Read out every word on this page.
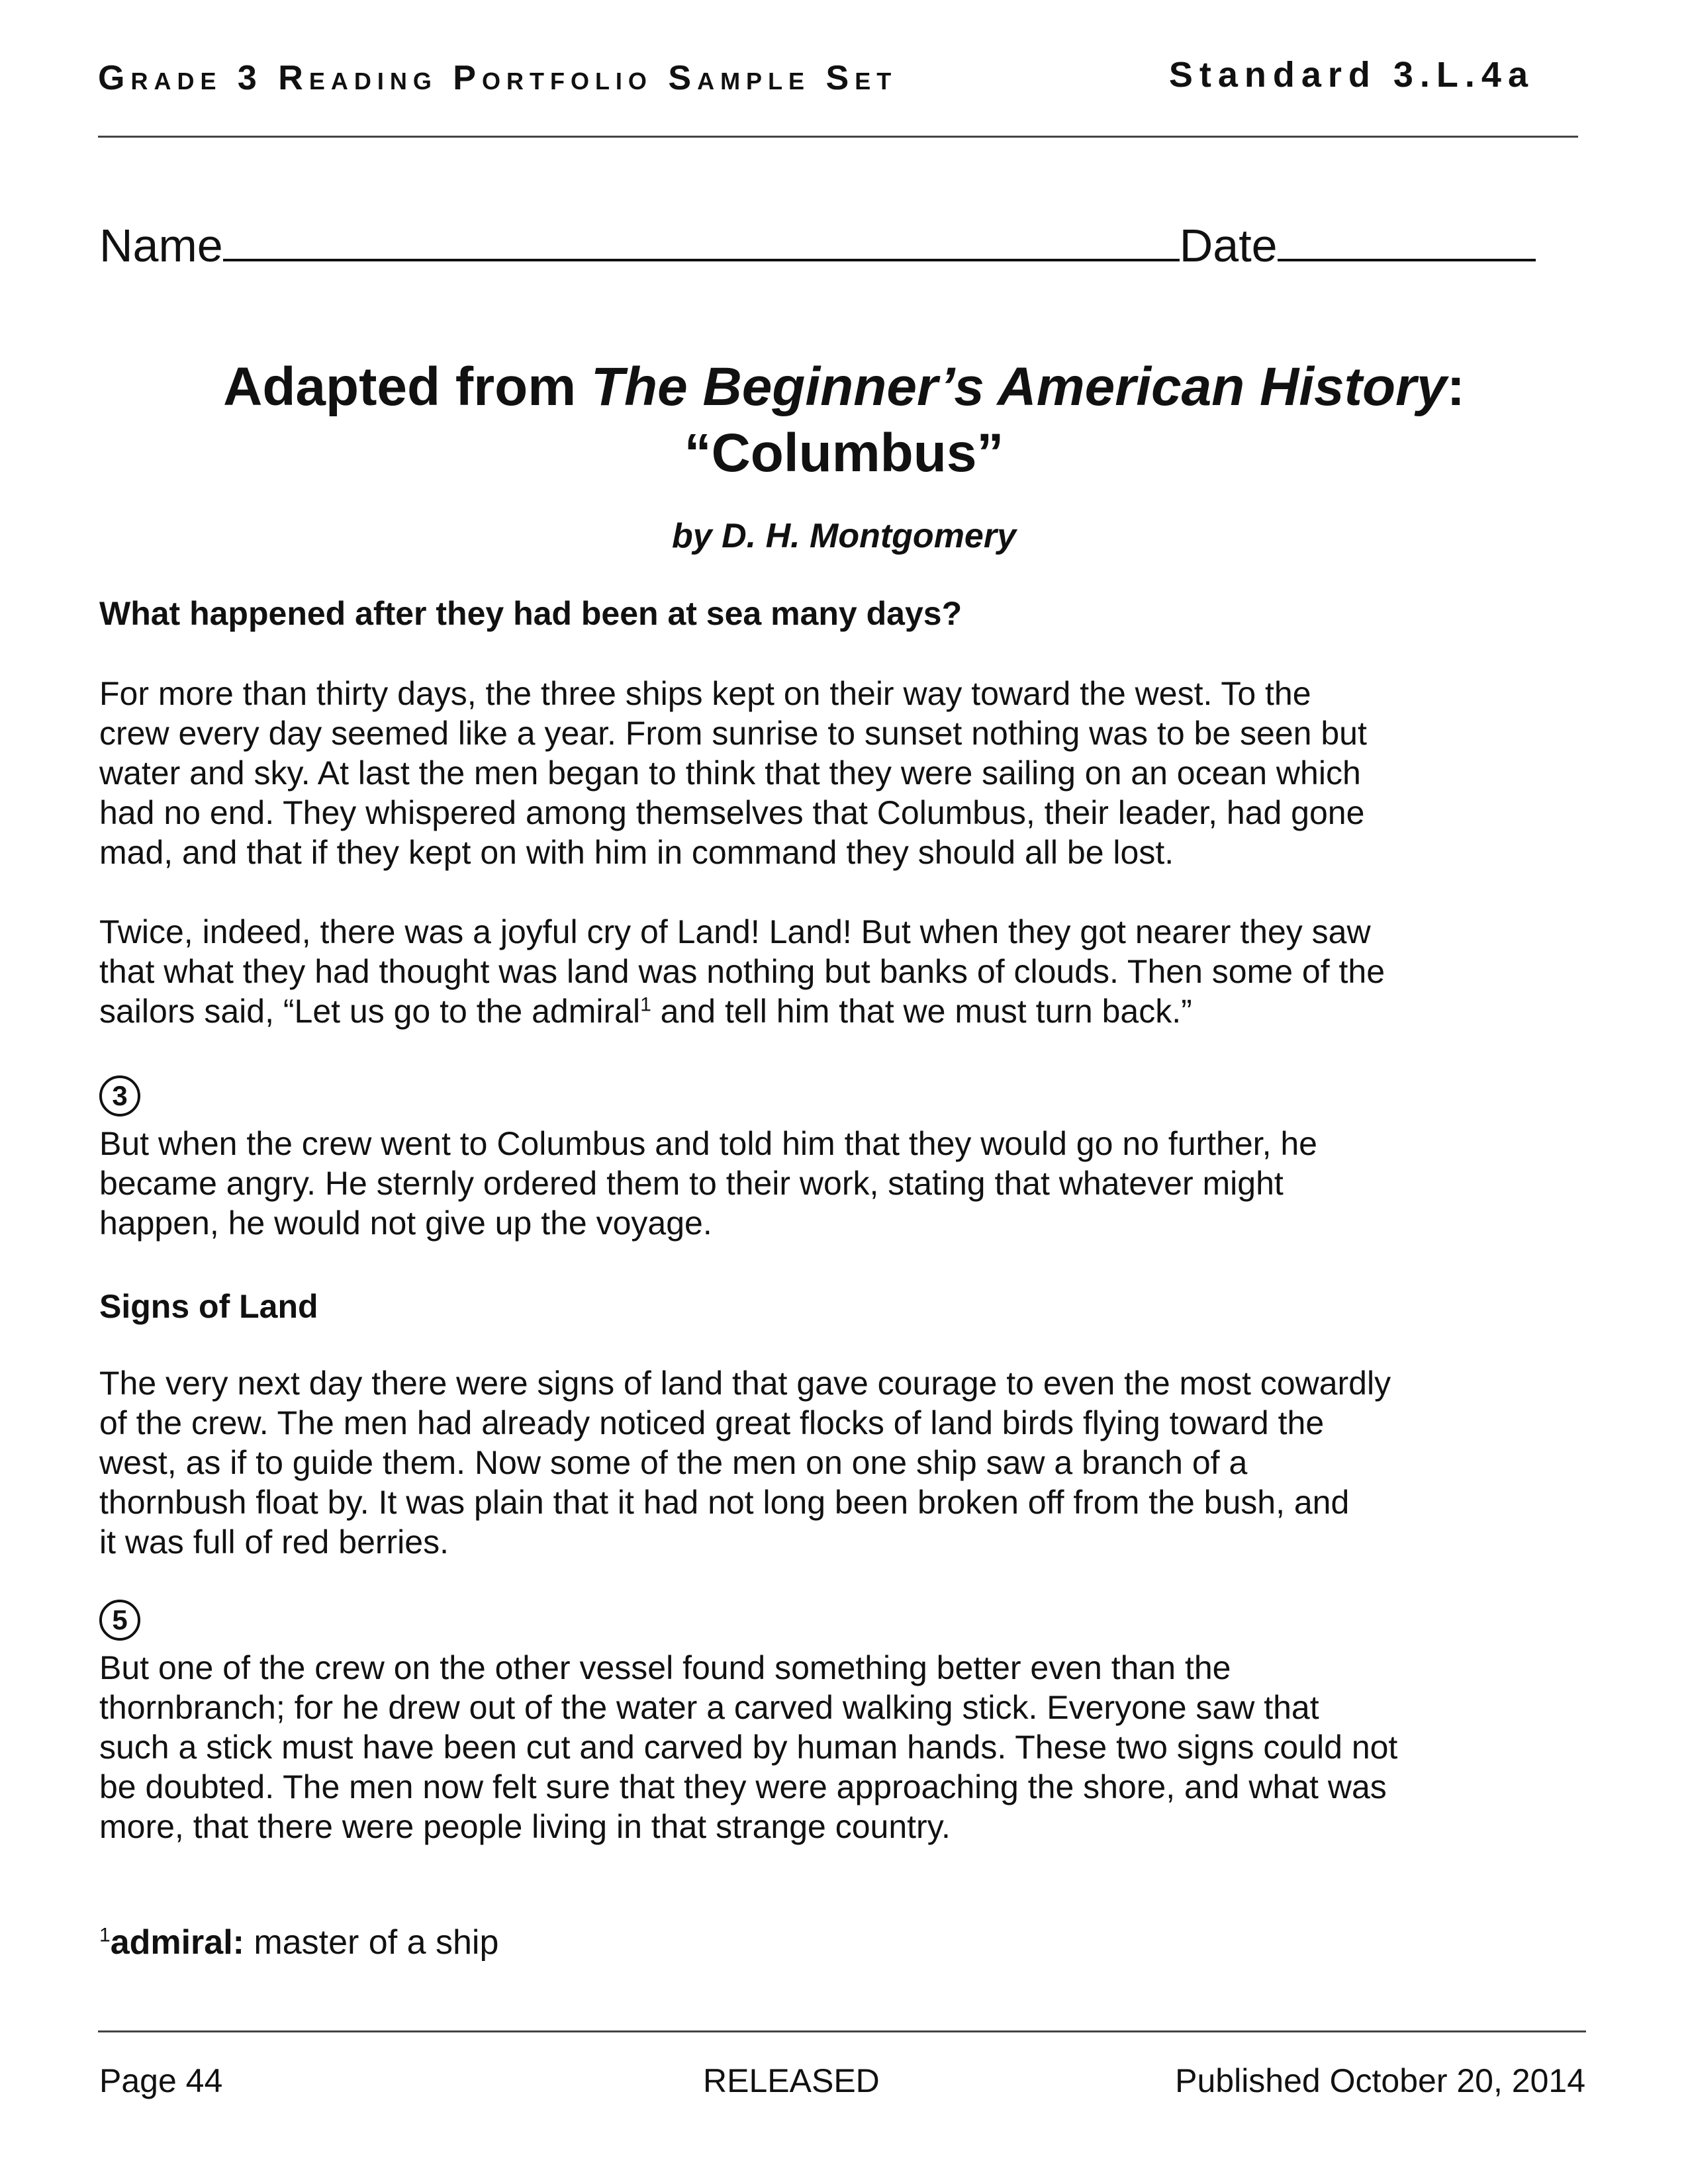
Grade 3 Reading Portfolio Sample Set	Standard 3.L.4a
Name	Date
Adapted from The Beginner’s American History:
“Columbus”
by D. H. Montgomery
What happened after they had been at sea many days?
For more than thirty days, the three ships kept on their way toward the west. To the
crew every day seemed like a year. From sunrise to sunset nothing was to be seen but
water and sky. At last the men began to think that they were sailing on an ocean which
had no end. They whispered among themselves that Columbus, their leader, had gone
mad, and that if they kept on with him in command they should all be lost.
Twice, indeed, there was a joyful cry of Land! Land! But when they got nearer they saw
that what they had thought was land was nothing but banks of clouds. Then some of the
sailors said, “Let us go to the admiral$^1$ and tell him that we must turn back.”
3
But when the crew went to Columbus and told him that they would go no further, he
became angry. He sternly ordered them to their work, stating that whatever might
happen, he would not give up the voyage.
Signs of Land
The very next day there were signs of land that gave courage to even the most cowardly
of the crew. The men had already noticed great flocks of land birds flying toward the
west, as if to guide them. Now some of the men on one ship saw a branch of a
thornbush float by. It was plain that it had not long been broken off from the bush, and
it was full of red berries.
5
But one of the crew on the other vessel found something better even than the
thornbranch; for he drew out of the water a carved walking stick. Everyone saw that
such a stick must have been cut and carved by human hands. These two signs could not
be doubted. The men now felt sure that they were approaching the shore, and what was
more, that there were people living in that strange country.
$^1$admiral: master of a ship
Page 44	RELEASED	Published October 20, 2014
